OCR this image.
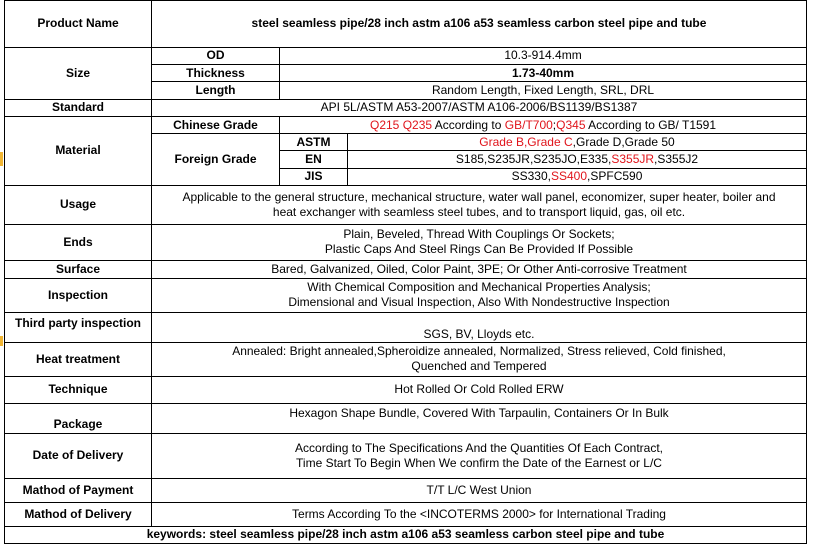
Product Name	steel seamless pipe/28 inch astm a106 a53 seamless carbon steel pipe and tube		
Size	OD	10.3-914.4mm	
	Thickness	1.73-40mm	
	Length	Random Length, Fixed Length, SRL, DRL	
Standard	API 5L/ASTM A53-2007/ASTM A106-2006/BS1139/BS1387		
Material	Chinese Grade	Q215 Q235 According to GB/T700;Q345 According to GB/ T1591	
	Foreign Grade	ASTM	Grade B,Grade C,Grade D,Grade 50
		EN	S185,S235JR,S235JO,E335,S355JR,S355J2
		JIS	SS330,SS400,SPFC590
Usage	Applicable to the general structure, mechanical structure, water wall panel, economizer, super heater, boiler and
heat exchanger with seamless steel tubes, and to transport liquid, gas, oil etc.		

Ends	Plain, Beveled, Thread With Couplings Or Sockets;
Plastic Caps And Steel Rings Can Be Provided If Possible		

Surface	Bared, Galvanized, Oiled, Color Paint, 3PE; Or Other Anti-corrosive Treatment		
Inspection	With Chemical Composition and Mechanical Properties Analysis;
Dimensional and Visual Inspection, Also With Nondestructive Inspection		

Third party inspection	SGS, BV, Lloyds etc.		
Heat treatment	Annealed: Bright annealed,Spheroidize annealed, Normalized, Stress relieved, Cold finished,
Quenched and Tempered		

Technique	Hot Rolled Or Cold Rolled ERW		
Package	Hexagon Shape Bundle, Covered With Tarpaulin, Containers Or In Bulk		
Date of Delivery	According to The Specifications And the Quantities Of Each Contract,
Time Start To Begin When We confirm the Date of the Earnest or L/C		

Mathod of Payment	T/T L/C West Union		
Mathod of Delivery	Terms According To the <INCOTERMS 2000> for International Trading		
keywords: steel seamless pipe/28 inch astm a106 a53 seamless carbon steel pipe and tube			
